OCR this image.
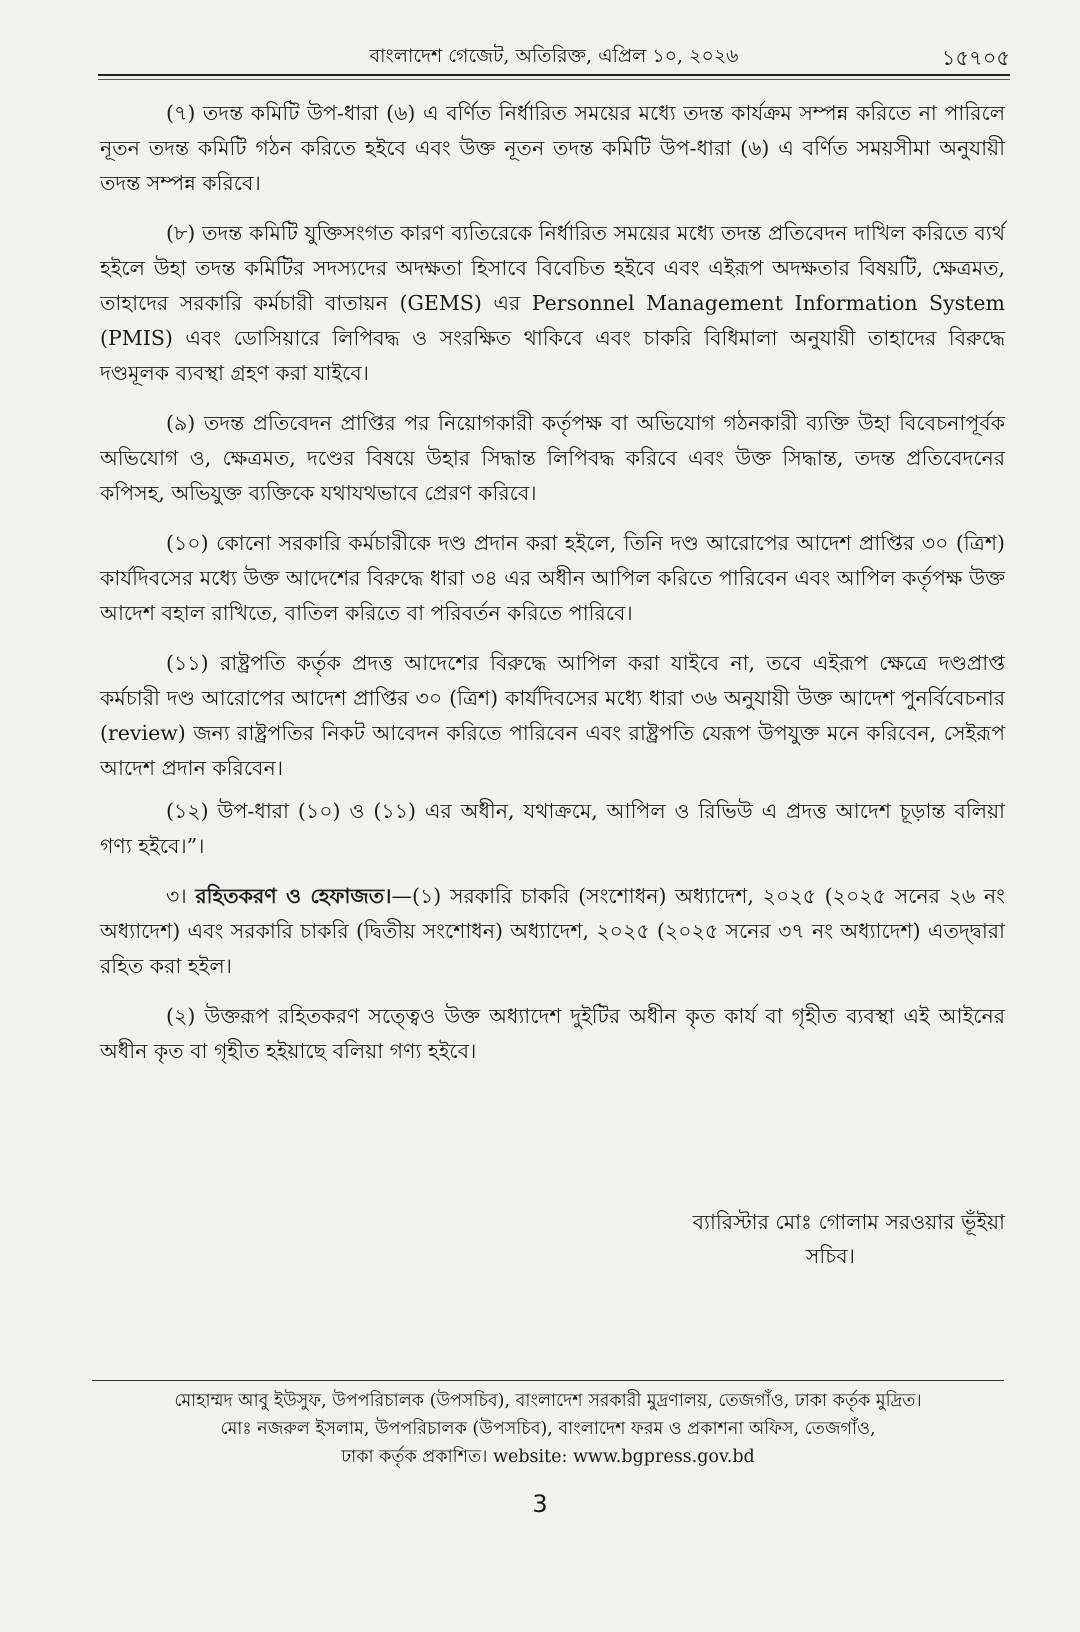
বাংলাদেশ গেজেট, অতিরিক্ত, এপ্রিল ১০, ২০২৬	১৫৭০৫

(৭) তদন্ত কমিটি উপ-ধারা (৬) এ বর্ণিত নির্ধারিত সময়ের মধ্যে তদন্ত কার্যক্রম সম্পন্ন করিতে না পারিলে নূতন তদন্ত কমিটি গঠন করিতে হইবে এবং উক্ত নূতন তদন্ত কমিটি উপ-ধারা (৬) এ বর্ণিত সময়সীমা অনুযায়ী তদন্ত সম্পন্ন করিবে।

(৮) তদন্ত কমিটি যুক্তিসংগত কারণ ব্যতিরেকে নির্ধারিত সময়ের মধ্যে তদন্ত প্রতিবেদন দাখিল করিতে ব্যর্থ হইলে উহা তদন্ত কমিটির সদস্যদের অদক্ষতা হিসাবে বিবেচিত হইবে এবং এইরূপ অদক্ষতার বিষয়টি, ক্ষেত্রমত, তাহাদের সরকারি কর্মচারী বাতায়ন (GEMS) এর Personnel Management Information System (PMIS) এবং ডোসিয়ারে লিপিবদ্ধ ও সংরক্ষিত থাকিবে এবং চাকরি বিধিমালা অনুযায়ী তাহাদের বিরুদ্ধে দণ্ডমূলক ব্যবস্থা গ্রহণ করা যাইবে।

(৯) তদন্ত প্রতিবেদন প্রাপ্তির পর নিয়োগকারী কর্তৃপক্ষ বা অভিযোগ গঠনকারী ব্যক্তি উহা বিবেচনাপূর্বক অভিযোগ ও, ক্ষেত্রমত, দণ্ডের বিষয়ে উহার সিদ্ধান্ত লিপিবদ্ধ করিবে এবং উক্ত সিদ্ধান্ত, তদন্ত প্রতিবেদনের কপিসহ, অভিযুক্ত ব্যক্তিকে যথাযথভাবে প্রেরণ করিবে।

(১০) কোনো সরকারি কর্মচারীকে দণ্ড প্রদান করা হইলে, তিনি দণ্ড আরোপের আদেশ প্রাপ্তির ৩০ (ত্রিশ) কার্যদিবসের মধ্যে উক্ত আদেশের বিরুদ্ধে ধারা ৩৪ এর অধীন আপিল করিতে পারিবেন এবং আপিল কর্তৃপক্ষ উক্ত আদেশ বহাল রাখিতে, বাতিল করিতে বা পরিবর্তন করিতে পারিবে।

(১১) রাষ্ট্রপতি কর্তৃক প্রদত্ত আদেশের বিরুদ্ধে আপিল করা যাইবে না, তবে এইরূপ ক্ষেত্রে দণ্ডপ্রাপ্ত কর্মচারী দণ্ড আরোপের আদেশ প্রাপ্তির ৩০ (ত্রিশ) কার্যদিবসের মধ্যে ধারা ৩৬ অনুযায়ী উক্ত আদেশ পুনর্বিবেচনার (review) জন্য রাষ্ট্রপতির নিকট আবেদন করিতে পারিবেন এবং রাষ্ট্রপতি যেরূপ উপযুক্ত মনে করিবেন, সেইরূপ আদেশ প্রদান করিবেন।

(১২) উপ-ধারা (১০) ও (১১) এর অধীন, যথাক্রমে, আপিল ও রিভিউ এ প্রদত্ত আদেশ চূড়ান্ত বলিয়া গণ্য হইবে।”।

৩। রহিতকরণ ও হেফাজত।—(১) সরকারি চাকরি (সংশোধন) অধ্যাদেশ, ২০২৫ (২০২৫ সনের ২৬ নং অধ্যাদেশ) এবং সরকারি চাকরি (দ্বিতীয় সংশোধন) অধ্যাদেশ, ২০২৫ (২০২৫ সনের ৩৭ নং অধ্যাদেশ) এতদ্দ্বারা রহিত করা হইল।

(২) উক্তরূপ রহিতকরণ সত্ত্বেও উক্ত অধ্যাদেশ দুইটির অধীন কৃত কার্য বা গৃহীত ব্যবস্থা এই আইনের অধীন কৃত বা গৃহীত হইয়াছে বলিয়া গণ্য হইবে।

ব্যারিস্টার মোঃ গোলাম সরওয়ার ভূঁইয়া
সচিব।
মোহাম্মদ আবু ইউসুফ, উপপরিচালক (উপসচিব), বাংলাদেশ সরকারী মুদ্রণালয়, তেজগাঁও, ঢাকা কর্তৃক মুদ্রিত।
মোঃ নজরুল ইসলাম, উপপরিচালক (উপসচিব), বাংলাদেশ ফরম ও প্রকাশনা অফিস, তেজগাঁও,
ঢাকা কর্তৃক প্রকাশিত। website: www.bgpress.gov.bd
3
